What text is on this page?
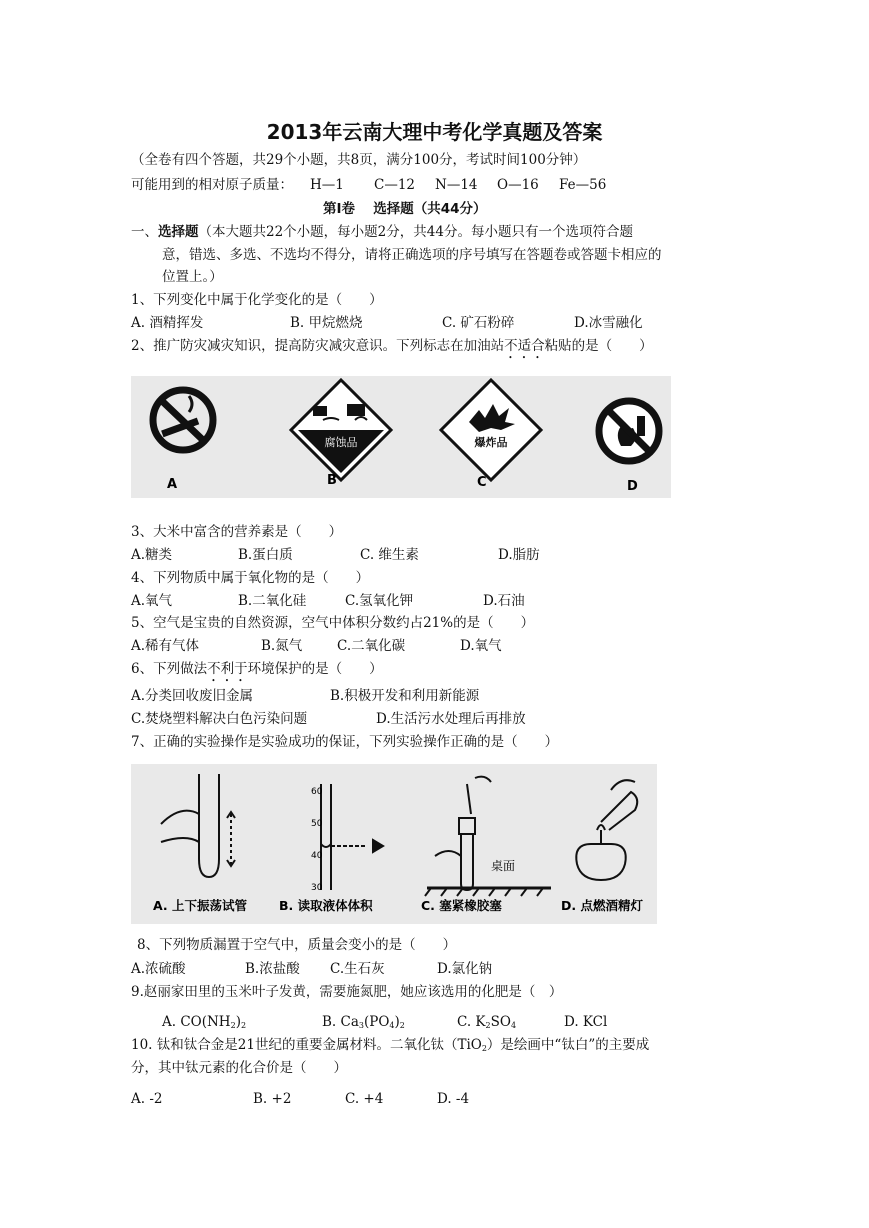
2013年云南大理中考化学真题及答案
（全卷有四个答题，共29个小题，共8页，满分100分，考试时间100分钟）
可能用到的相对原子质量： H—1 C—12 N—14 O—16 Fe—56
第Ⅰ卷　 选择题（共44分）
一、选择题（本大题共22个小题，每小题2分，共44分。每小题只有一个选项符合题
意，错选、多选、不选均不得分，请将正确选项的序号填写在答题卷或答题卡相应的
位置上。）
1、下列变化中属于化学变化的是（　　）
A. 酒精挥发	B. 甲烷燃烧	C. 矿石粉碎	D.冰雪融化
2、推广防灾减灾知识，提高防灾减灾意识。下列标志在加油站不适合粘贴的是（　　）
A
腐蚀品
B
爆炸品
C	D
3、大米中富含的营养素是（　　）
A.糖类	B.蛋白质	C. 维生素	D.脂肪
4、下列物质中属于氧化物的是（　　）
A.氧气	B.二氧化硅	C.氢氧化钾	D.石油
5、空气是宝贵的自然资源，空气中体积分数约占21%的是（　　）
A.稀有气体	B.氮气	C.二氧化碳	D.氧气
6、下列做法不利于环境保护的是（　　）
A.分类回收废旧金属	B.积极开发和利用新能源
C.焚烧塑料解决白色污染问题	D.生活污水处理后再排放
7、正确的实验操作是实验成功的保证，下列实验操作正确的是（　　）
A. 上下振荡试管
60
50
40
30
B. 读取液体体积
桌面
C. 塞紧橡胶塞	D. 点燃酒精灯
8、下列物质漏置于空气中，质量会变小的是（　　）
A.浓硫酸	B.浓盐酸 C.生石灰	D.氯化钠
9.赵丽家田里的玉米叶子发黄，需要施氮肥，她应该选用的化肥是（　）
A. $CO(NH_2)_2$	B. $Ca_3(PO_4)_2$	C. $K_2SO_4$	D. KCl
10. 钛和钛合金是21世纪的重要金属材料。二氧化钛（TiO$_2$）是绘画中“钛白”的主要成
分，其中钛元素的化合价是（　　）
A. -2	B. +2	C. +4	D. -4
